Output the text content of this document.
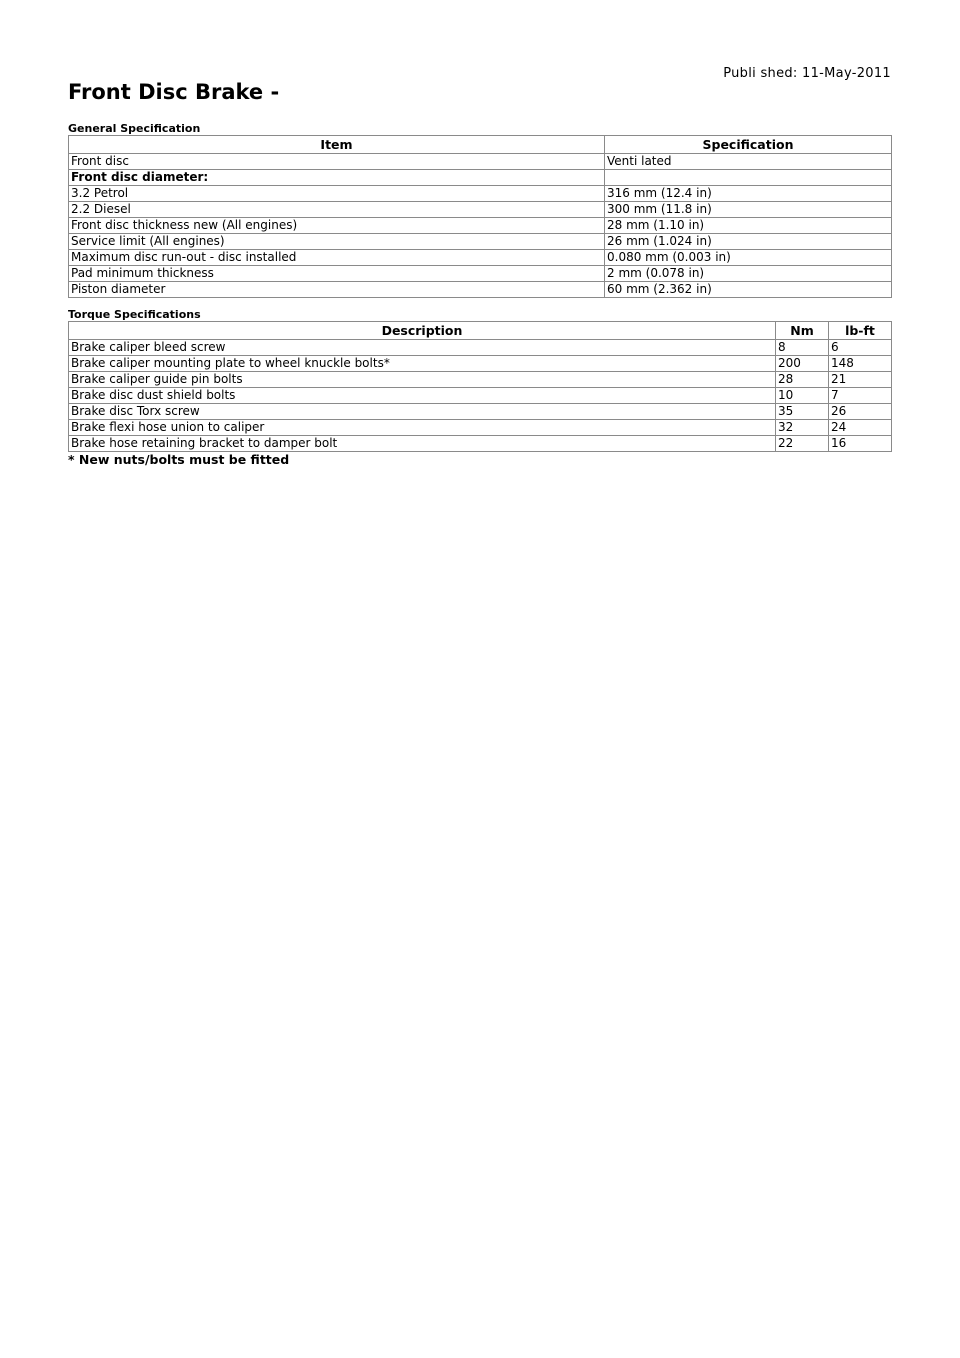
Publi shed: 11-May-2011
Front Disc Brake -
General Specification
Item	Specification
Front disc	Venti lated
Front disc diameter:	
3.2 Petrol	316 mm (12.4 in)
2.2 Diesel	300 mm (11.8 in)
Front disc thickness new (All engines)	28 mm (1.10 in)
Service limit (All engines)	26 mm (1.024 in)
Maximum disc run-out - disc installed	0.080 mm (0.003 in)
Pad minimum thickness	2 mm (0.078 in)
Piston diameter	60 mm (2.362 in)
Torque Specifications
Description	Nm	lb-ft
Brake caliper bleed screw	8	6
Brake caliper mounting plate to wheel knuckle bolts*	200	148
Brake caliper guide pin bolts	28	21
Brake disc dust shield bolts	10	7
Brake disc Torx screw	35	26
Brake flexi hose union to caliper	32	24
Brake hose retaining bracket to damper bolt	22	16
* New nuts/bolts must be fitted
